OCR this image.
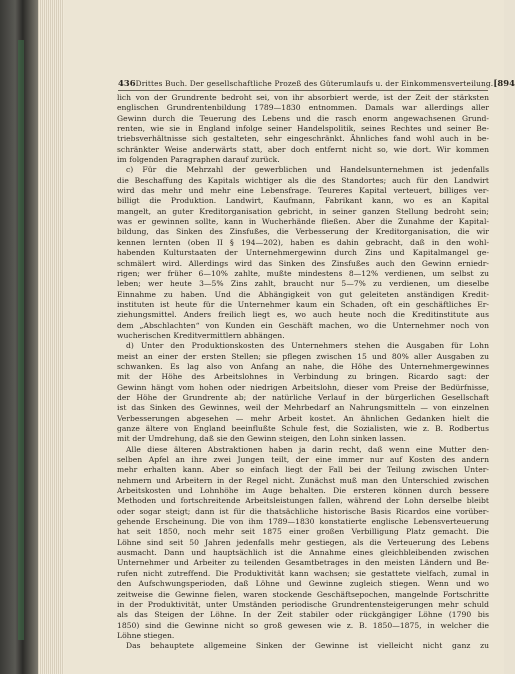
436 Drittes Buch. Der gesellschaftliche Prozeß des Güterumlaufs u. der Einkommensverteilung. [894
lich von der Grundrente bedroht sei, von ihr absorbiert werde, ist der Zeit der stärksten
englischen Grundrentenbildung 1789—1830 entnommen. Damals war allerdings aller
Gewinn durch die Teuerung des Lebens und die rasch enorm angewachsenen Grund-
renten, wie sie in England infolge seiner Handelspolitik, seines Rechtes und seiner Be-
triebsverhältnisse sich gestalteten, sehr eingeschränkt. Ähnliches fand wohl auch in be-
schränkter Weise anderwärts statt, aber doch entfernt nicht so, wie dort. Wir kommen
im folgenden Paragraphen darauf zurück.
c) Für die Mehrzahl der gewerblichen und Handelsunternehmen ist jedenfalls
die Beschaffung des Kapitals wichtiger als die des Standortes; auch für den Landwirt
wird das mehr und mehr eine Lebensfrage. Teureres Kapital verteuert, billiges ver-
billigt die Produktion. Landwirt, Kaufmann, Fabrikant kann, wo es an Kapital
mangelt, an guter Kreditorganisation gebricht, in seiner ganzen Stellung bedroht sein;
was er gewinnen sollte, kann in Wucherhände fließen. Aber die Zunahme der Kapital-
bildung, das Sinken des Zinsfußes, die Verbesserung der Kreditorganisation, die wir
kennen lernten (oben II § 194—202), haben es dahin gebracht, daß in den wohl-
habenden Kulturstaaten der Unternehmergewinn durch Zins und Kapitalmangel ge-
schmälert wird. Allerdings wird das Sinken des Zinsfußes auch den Gewinn erniedr-
rigen; wer früher 6—10% zahlte, mußte mindestens 8—12% verdienen, um selbst zu
leben; wer heute 3—5% Zins zahlt, braucht nur 5—7% zu verdienen, um dieselbe
Einnahme zu haben. Und die Abhängigkeit von gut geleiteten anständigen Kredit-
instituten ist heute für die Unternehmer kaum ein Schaden, oft ein geschäftliches Er-
ziehungsmittel. Anders freilich liegt es, wo auch heute noch die Kreditinstitute aus
dem „Abschlachten“ von Kunden ein Geschäft machen, wo die Unternehmer noch von
wucherischen Kreditvermittlern abhängen.
d) Unter den Produktionskosten des Unternehmers stehen die Ausgaben für Lohn
meist an einer der ersten Stellen; sie pflegen zwischen 15 und 80% aller Ausgaben zu
schwanken. Es lag also von Anfang an nahe, die Höhe des Unternehmergewinnes
mit der Höhe des Arbeitslohnes in Verbindung zu bringen. Ricardo sagt: der
Gewinn hängt vom hohen oder niedrigen Arbeitslohn, dieser vom Preise der Bedürfnisse,
der Höhe der Grundrente ab; der natürliche Verlauf in der bürgerlichen Gesellschaft
ist das Sinken des Gewinnes, weil der Mehrbedarf an Nahrungsmitteln — von einzelnen
Verbesserungen abgesehen — mehr Arbeit kostet. An ähnlichen Gedanken hielt die
ganze ältere von England beeinflußte Schule fest, die Sozialisten, wie z. B. Rodbertus
mit der Umdrehung, daß sie den Gewinn steigen, den Lohn sinken lassen.
Alle diese älteren Abstraktionen haben ja darin recht, daß wenn eine Mutter den-
selben Apfel an ihre zwei Jungen teilt, der eine immer nur auf Kosten des andern
mehr erhalten kann. Aber so einfach liegt der Fall bei der Teilung zwischen Unter-
nehmern und Arbeitern in der Regel nicht. Zunächst muß man den Unterschied zwischen
Arbeitskosten und Lohnhöhe im Auge behalten. Die ersteren können durch bessere
Methoden und fortschreitende Arbeitsleistungen fallen, während der Lohn derselbe bleibt
oder sogar steigt; dann ist für die thatsächliche historische Basis Ricardos eine vorüber-
gehende Erscheinung. Die von ihm 1789—1830 konstatierte englische Lebensverteuerung
hat seit 1850, noch mehr seit 1875 einer großen Verbilligung Platz gemacht. Die
Löhne sind seit 50 Jahren jedenfalls mehr gestiegen, als die Verteuerung des Lebens
ausmacht. Dann und hauptsächlich ist die Annahme eines gleichbleibenden zwischen
Unternehmer und Arbeiter zu teilenden Gesamtbetrages in den meisten Ländern und Be-
rufen nicht zutreffend. Die Produktivität kann wachsen; sie gestattete vielfach, zumal in
den Aufschwungsperioden, daß Löhne und Gewinne zugleich stiegen. Wenn und wo
zeitweise die Gewinne fielen, waren stockende Geschäftsepochen, mangelnde Fortschritte
in der Produktivität, unter Umständen periodische Grundrentensteigerungen mehr schuld
als das Steigen der Löhne. In der Zeit stabiler oder rückgängiger Löhne (1790 bis
1850) sind die Gewinne nicht so groß gewesen wie z. B. 1850—1875, in welcher die
Löhne stiegen.
Das behauptete allgemeine Sinken der Gewinne ist vielleicht nicht ganz zu
